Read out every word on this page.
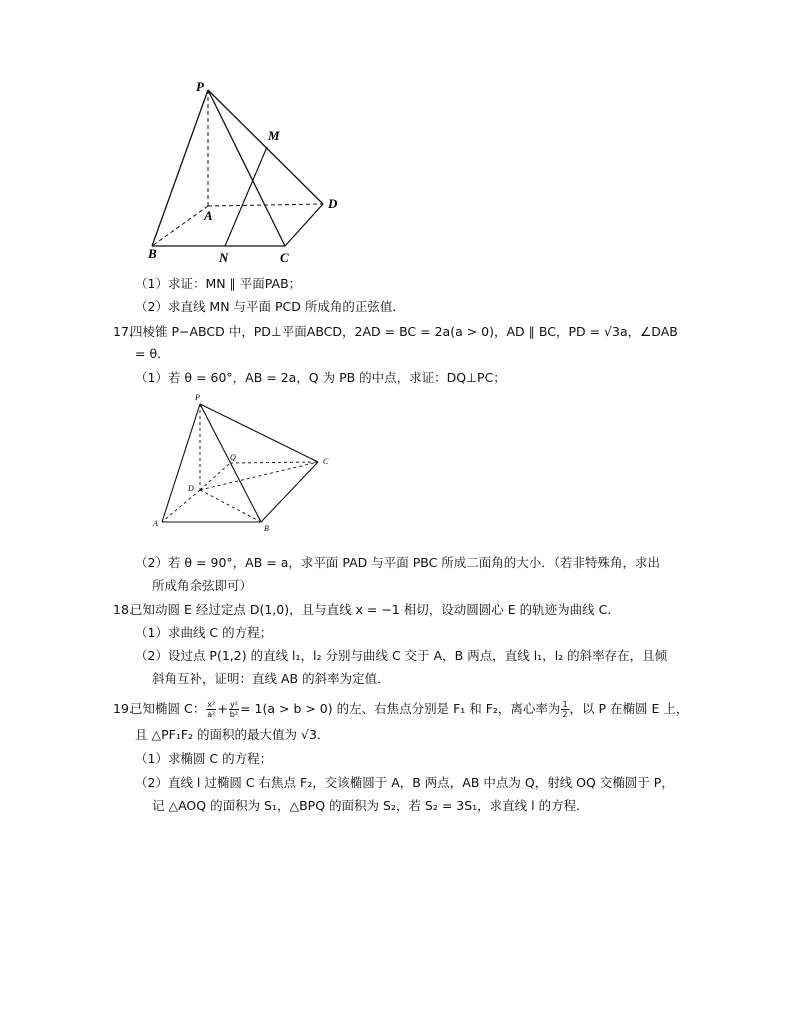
P
M
A
D
B	N	C
（1）求证：MN ∥ 平面PAB；
（2）求直线 MN 与平面 PCD 所成角的正弦值．
17.四棱锥 P−ABCD 中，PD⊥平面ABCD，2AD = BC = 2a(a > 0)，AD ∥ BC，PD = √3a，∠DAB
= θ．
（1）若 θ = 60°，AB = 2a，Q 为 PB 的中点，求证：DQ⊥PC；
P
Q	C
D
A
B
（2）若 θ = 90°，AB = a，求平面 PAD 与平面 PBC 所成二面角的大小．（若非特殊角，求出
所成角余弦即可）
18.已知动圆 E 经过定点 D(1,0)，且与直线 x = −1 相切，设动圆圆心 E 的轨迹为曲线 C．
（1）求曲线 C 的方程；
（2）设过点 P(1,2) 的直线 l₁，l₂ 分别与曲线 C 交于 A，B 两点，直线 l₁，l₂ 的斜率存在，且倾
斜角互补，证明：直线 AB 的斜率为定值．
19.已知椭圆 C： $\frac{\text{x²}}{\text{a²}} + \frac{\text{y²}}{\text{b²}} = 1(a > b > 0)$ 的左、右焦点分别是 F₁ 和 F₂，离心率为 $\frac{1}{2}$ ，以 P 在椭圆 E 上，
且 △PF₁F₂ 的面积的最大值为 √3．
（1）求椭圆 C 的方程；
（2）直线 l 过椭圆 C 右焦点 F₂，交该椭圆于 A，B 两点，AB 中点为 Q，射线 OQ 交椭圆于 P，
记 △AOQ 的面积为 S₁，△BPQ 的面积为 S₂，若 S₂ = 3S₁，求直线 l 的方程．
